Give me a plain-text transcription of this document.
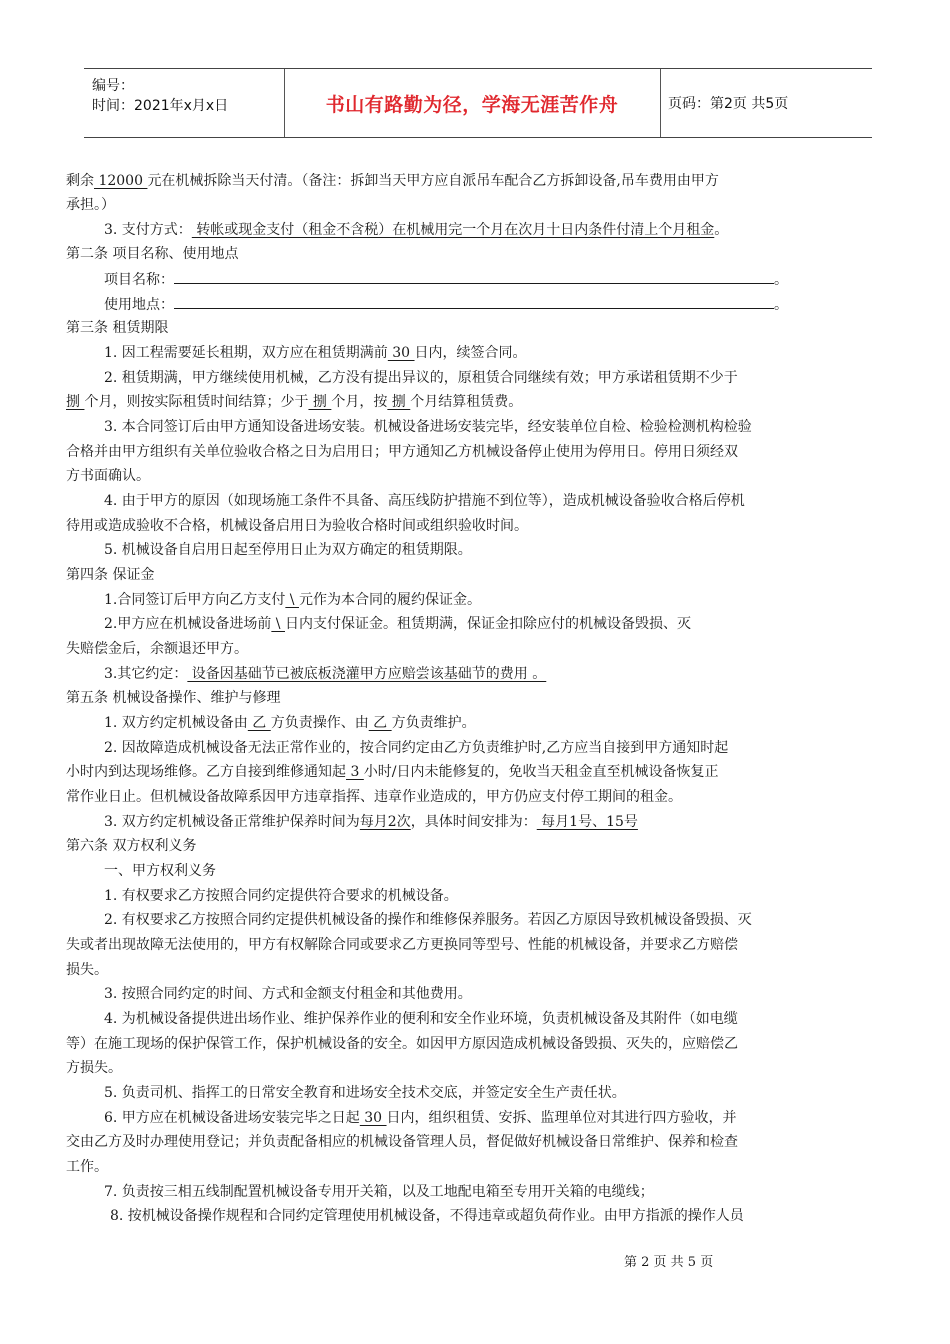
编号：
时间：2021年x月x日	书山有路勤为径，学海无涯苦作舟	页码：第2页 共5页
剩余 12000 元在机械拆除当天付清。（备注：拆卸当天甲方应自派吊车配合乙方拆卸设备,吊车费用由甲方
承担。）
3. 支付方式： 转帐或现金支付（租金不含税）在机械用完一个月在次月十日内条件付清上个月租金。
第二条 项目名称、使用地点
项目名称：	。
使用地点：	。
第三条 租赁期限
1. 因工程需要延长租期，双方应在租赁期满前 30 日内，续签合同。
2. 租赁期满，甲方继续使用机械，乙方没有提出异议的，原租赁合同继续有效；甲方承诺租赁期不少于
捌 个月，则按实际租赁时间结算；少于 捌 个月，按 捌 个月结算租赁费。
3. 本合同签订后由甲方通知设备进场安装。机械设备进场安装完毕，经安装单位自检、检验检测机构检验
合格并由甲方组织有关单位验收合格之日为启用日；甲方通知乙方机械设备停止使用为停用日。停用日须经双
方书面确认。
4. 由于甲方的原因（如现场施工条件不具备、高压线防护措施不到位等），造成机械设备验收合格后停机
待用或造成验收不合格，机械设备启用日为验收合格时间或组织验收时间。
5. 机械设备自启用日起至停用日止为双方确定的租赁期限。
第四条 保证金
1.合同签订后甲方向乙方支付 \ 元作为本合同的履约保证金。
2.甲方应在机械设备进场前 \ 日内支付保证金。租赁期满，保证金扣除应付的机械设备毁损、灭
失赔偿金后，余额退还甲方。
3.其它约定： 设备因基础节已被底板浇灌甲方应赔尝该基础节的费用 。
第五条 机械设备操作、维护与修理
1. 双方约定机械设备由 乙 方负责操作、由 乙 方负责维护。
2. 因故障造成机械设备无法正常作业的，按合同约定由乙方负责维护时,乙方应当自接到甲方通知时起
小时内到达现场维修。乙方自接到维修通知起 3 小时/日内未能修复的，免收当天租金直至机械设备恢复正
常作业日止。但机械设备故障系因甲方违章指挥、违章作业造成的，甲方仍应支付停工期间的租金。
3. 双方约定机械设备正常维护保养时间为每月2次，具体时间安排为： 每月1号、15号
第六条 双方权利义务
一、甲方权利义务
1. 有权要求乙方按照合同约定提供符合要求的机械设备。
2. 有权要求乙方按照合同约定提供机械设备的操作和维修保养服务。若因乙方原因导致机械设备毁损、灭
失或者出现故障无法使用的，甲方有权解除合同或要求乙方更换同等型号、性能的机械设备，并要求乙方赔偿
损失。
3. 按照合同约定的时间、方式和金额支付租金和其他费用。
4. 为机械设备提供进出场作业、维护保养作业的便利和安全作业环境，负责机械设备及其附件（如电缆
等）在施工现场的保护保管工作，保护机械设备的安全。如因甲方原因造成机械设备毁损、灭失的，应赔偿乙
方损失。
5. 负责司机、指挥工的日常安全教育和进场安全技术交底，并签定安全生产责任状。
6. 甲方应在机械设备进场安装完毕之日起 30 日内，组织租赁、安拆、监理单位对其进行四方验收，并
交由乙方及时办理使用登记；并负责配备相应的机械设备管理人员，督促做好机械设备日常维护、保养和检查
工作。
7. 负责按三相五线制配置机械设备专用开关箱，以及工地配电箱至专用开关箱的电缆线；
8. 按机械设备操作规程和合同约定管理使用机械设备，不得违章或超负荷作业。由甲方指派的操作人员
第 2 页 共 5 页
